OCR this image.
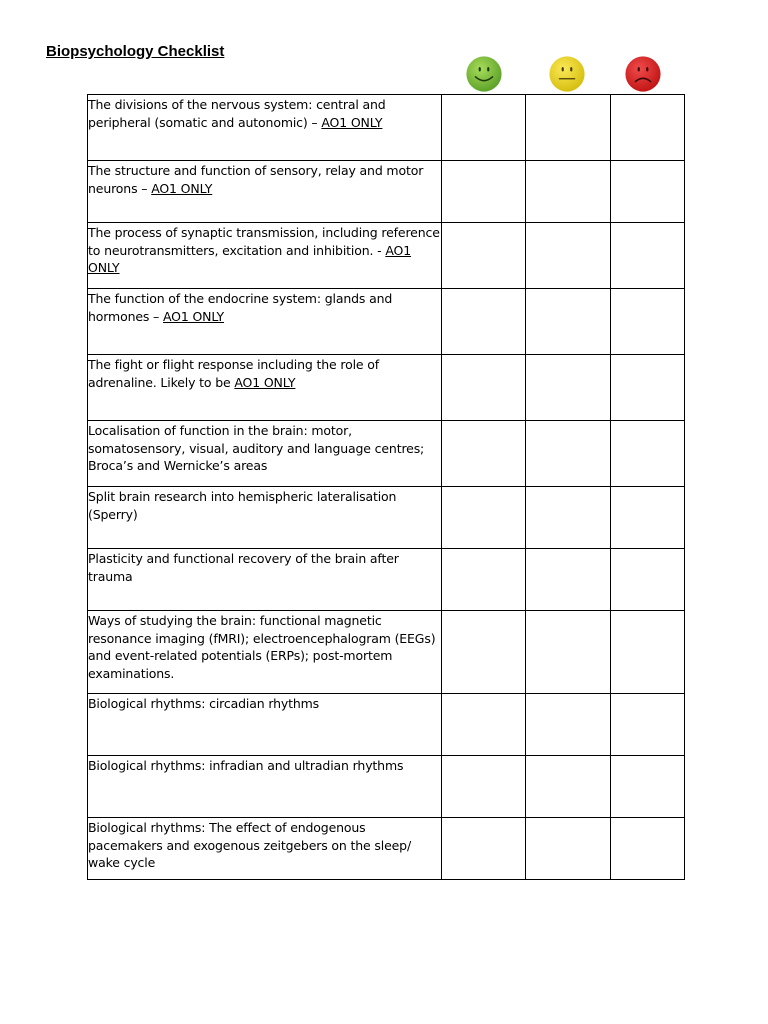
Biopsychology Checklist
The divisions of the nervous system: central and peripheral (somatic and autonomic) – AO1 ONLY			

The structure and function of sensory, relay and motor neurons – AO1 ONLY			

The process of synaptic transmission, including reference to neurotransmitters, excitation and inhibition. - AO1 ONLY			

The function of the endocrine system: glands and hormones – AO1 ONLY			

The fight or flight response including the role of adrenaline. Likely to be AO1 ONLY			

Localisation of function in the brain: motor, somatosensory, visual, auditory and language centres; Broca’s and Wernicke’s areas			

Split brain research into hemispheric lateralisation (Sperry)			

Plasticity and functional recovery of the brain after trauma			

Ways of studying the brain: functional magnetic resonance imaging (fMRI); electroencephalogram (EEGs) and event-related potentials (ERPs); post-mortem examinations.			

Biological rhythms: circadian rhythms			

Biological rhythms: infradian and ultradian rhythms			

Biological rhythms: The effect of endogenous pacemakers and exogenous zeitgebers on the sleep/ wake cycle			
